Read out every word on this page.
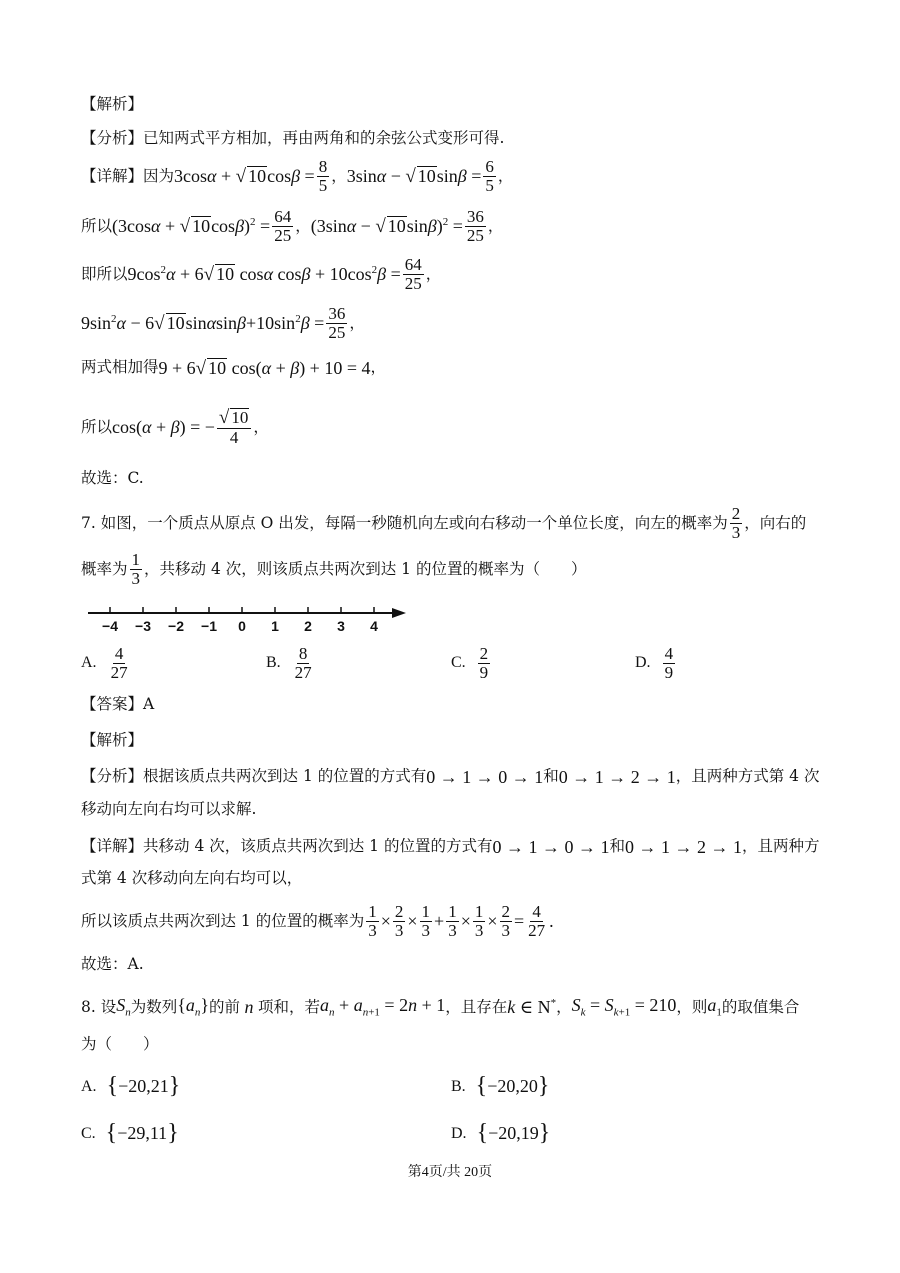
【解析】
【分析】 已知两式平方相加，再由两角和的余弦公式变形可得.
【详解】 因为 3cosα + √ $10\cos\beta = \frac{8}{5}$ ， 3sinα − √ $10\sin\beta = \frac{6}{5}$ ，
所以 (3cosα + √ $10\cos\beta)^2 = \frac{64}{25}$ ， (3sinα − √ $10\sin\beta)^2 = \frac{36}{25}$ ，
即所以 $9\cos^2\alpha + 6√$ 10 cosα $\cos\beta + 10\cos^2\beta = \frac{64}{25}$ ，
$9\sin^2\alpha - 6√$ $10\sin\alpha\sin\beta+10\sin^2\beta = \frac{36}{25}$ ，
两式相加得 9 + 6√ 10 cos(α + β) + 10 = 4 ，
所以 cos(α + β) = − $\frac{√ 10}{4}$ ，
故选：C.
7. 如图，一个质点从原点 O 出发，每隔一秒随机向左或向右移动一个单位长度，向左的概率为 2
3
，向右的
概率为 1
3
，共移动 4 次，则该质点共两次到达 1 的位置的概率为（　　）
−4 −3 −2 −1 0 1 2 3 4
A. 4
27	B. 8
27	C. 2
9	D. 4
9
【答案】A
【解析】
【分析】 根据该质点共两次到达 1 的位置的方式有 0 → 1 → 0 → 1 和 0 → 1 → 2 → 1 ，且两种方式第 4 次
移动向左向右均可以求解.
【详解】 共移动 4 次，该质点共两次到达 1 的位置的方式有 0 → 1 → 0 → 1 和 0 → 1 → 2 → 1 ，且两种方
式第 4 次移动向左向右均可以，
所以该质点共两次到达 1 的位置的概率为 $\frac{1}{3} \times \frac{2}{3} \times \frac{1}{3} + \frac{1}{3} \times \frac{1}{3} \times \frac{2}{3} = \frac{4}{27}$ .
故选：A.
8. 设 $S_n$ 为数列 $\{a_n\}$ 的前 n 项和，若 $a_n + a_{n+1} = 2n + 1$ ，且存在 k ∈ N* ， $S_k = S_{k+1} = 210$ ，则 $a_1$ 的取值集合
为（　　）
A. { −20,21 }	B. { −20,20 }
C. { −29,11 }	D. { −20,19 }
第4页/共 20页
